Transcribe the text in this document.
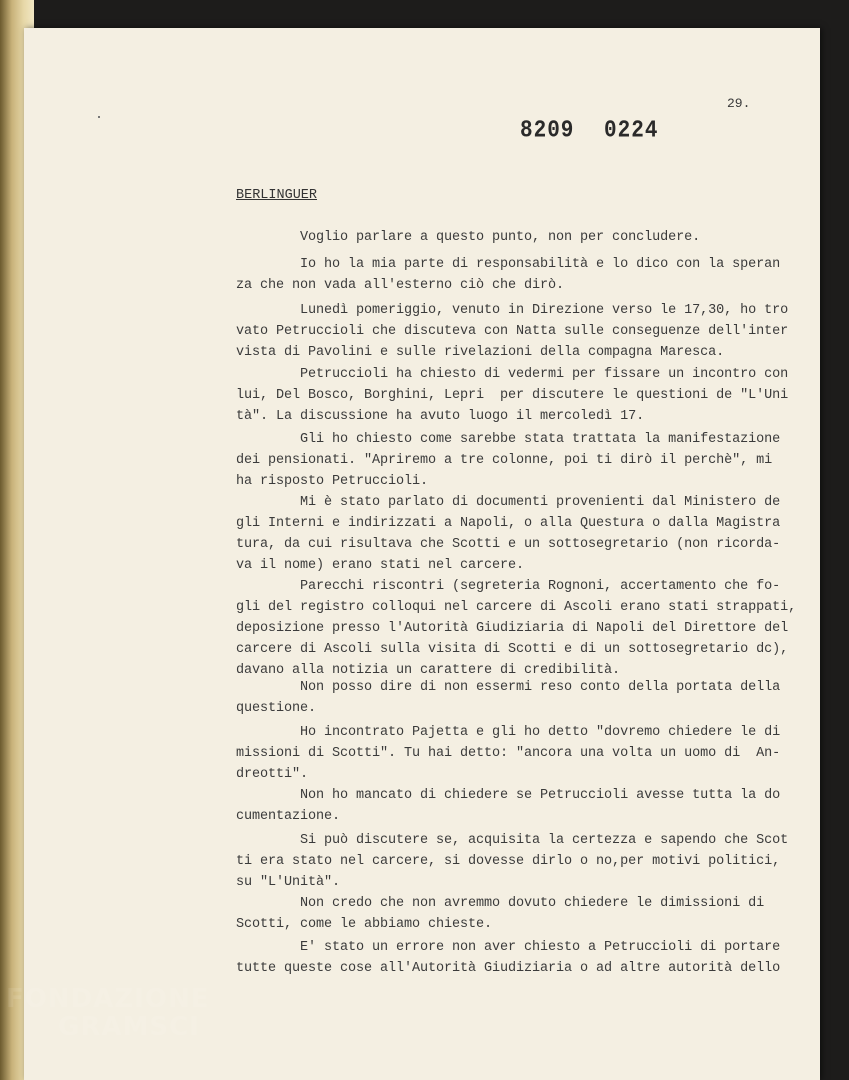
29.
8209 0224
BERLINGUER

Voglio parlare a questo punto, non per concludere.

Io ho la mia parte di responsabilità e lo dico con la speran
za che non vada all'esterno ciò che dirò.

Lunedì pomeriggio, venuto in Direzione verso le 17,30, ho tro
vato Petruccioli che discuteva con Natta sulle conseguenze dell'inter
vista di Pavolini e sulle rivelazioni della compagna Maresca.

Petruccioli ha chiesto di vedermi per fissare un incontro con
lui, Del Bosco, Borghini, Lepri  per discutere le questioni de "L'Uni
tà". La discussione ha avuto luogo il mercoledì 17.

Gli ho chiesto come sarebbe stata trattata la manifestazione
dei pensionati. "Apriremo a tre colonne, poi ti dirò il perchè", mi
ha risposto Petruccioli.

Mi è stato parlato di documenti provenienti dal Ministero de
gli Interni e indirizzati a Napoli, o alla Questura o dalla Magistra
tura, da cui risultava che Scotti e un sottosegretario (non ricorda-
va il nome) erano stati nel carcere.

Parecchi riscontri (segreteria Rognoni, accertamento che fo-
gli del registro colloqui nel carcere di Ascoli erano stati strappati,
deposizione presso l'Autorità Giudiziaria di Napoli del Direttore del
carcere di Ascoli sulla visita di Scotti e di un sottosegretario dc),
davano alla notizia un carattere di credibilità.

Non posso dire di non essermi reso conto della portata della
questione.

Ho incontrato Pajetta e gli ho detto "dovremo chiedere le di
missioni di Scotti". Tu hai detto: "ancora una volta un uomo di  An-
dreotti".

Non ho mancato di chiedere se Petruccioli avesse tutta la do
cumentazione.

Si può discutere se, acquisita la certezza e sapendo che Scot
ti era stato nel carcere, si dovesse dirlo o no,per motivi politici,
su "L'Unità".

Non credo che non avremmo dovuto chiedere le dimissioni di
Scotti, come le abbiamo chieste.

E' stato un errore non aver chiesto a Petruccioli di portare
tutte queste cose all'Autorità Giudiziaria o ad altre autorità dello

FONDAZIONE
GRAMSCI
